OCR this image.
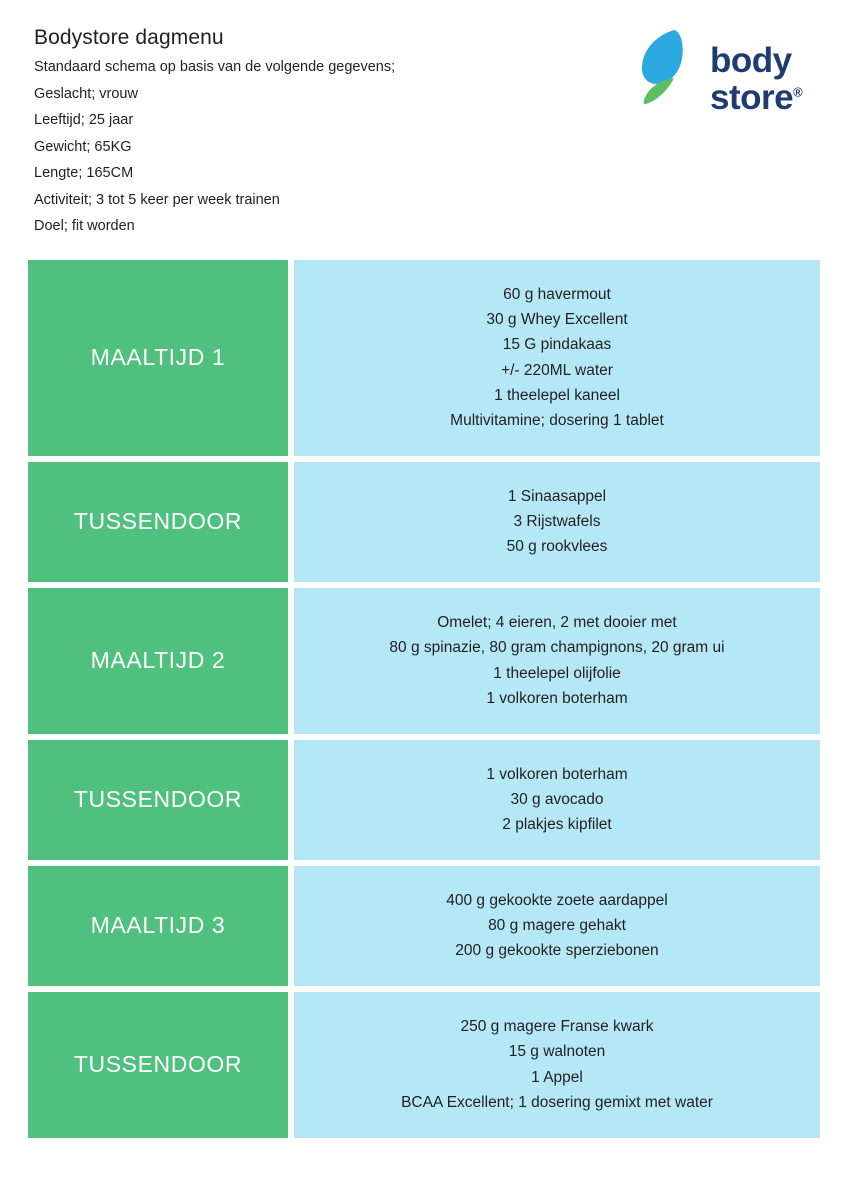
Bodystore dagmenu

Standaard schema op basis van de volgende gegevens;

Geslacht; vrouw

Leeftijd; 25 jaar

Gewicht; 65KG

Lengte; 165CM

Activiteit; 3 tot 5 keer per week trainen

Doel; fit worden

body
store®
MAALTIJD 1
60 g havermout
30 g Whey Excellent
15 G pindakaas
+/- 220ML water
1 theelepel kaneel
Multivitamine; dosering 1 tablet
TUSSENDOOR
1 Sinaasappel
3 Rijstwafels
50 g rookvlees
MAALTIJD 2
Omelet; 4 eieren, 2 met dooier met
80 g spinazie, 80 gram champignons, 20 gram ui
1 theelepel olijfolie
1 volkoren boterham
TUSSENDOOR
1 volkoren boterham
30 g avocado
2 plakjes kipfilet
MAALTIJD 3
400 g gekookte zoete aardappel
80 g magere gehakt
200 g gekookte sperziebonen
TUSSENDOOR
250 g magere Franse kwark
15 g walnoten
1 Appel
BCAA Excellent; 1 dosering gemixt met water
